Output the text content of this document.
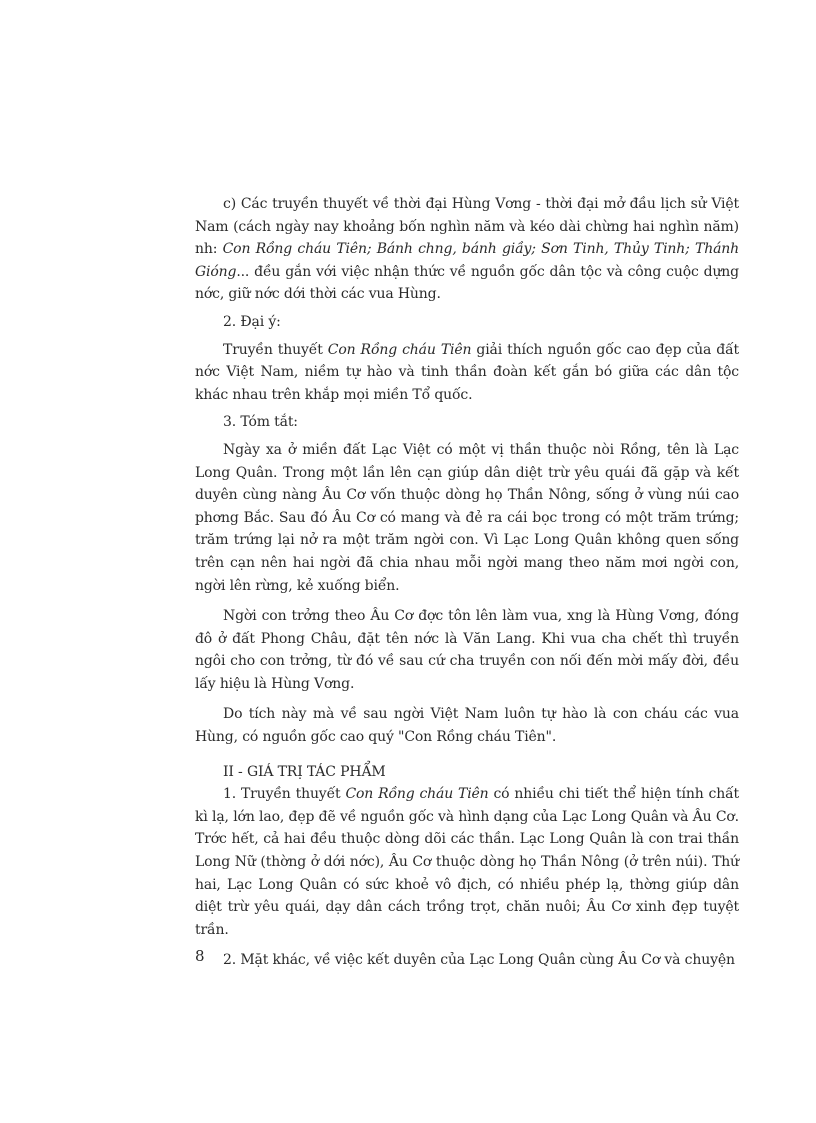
c) Các truyền thuyết về thời đại Hùng Vơng - thời đại mở đầu lịch sử Việt Nam (cách ngày nay khoảng bốn nghìn năm và kéo dài chừng hai nghìn năm) nh: Con Rồng cháu Tiên; Bánh chng, bánh giầy; Sơn Tinh, Thủy Tinh; Thánh Gióng... đều gắn với việc nhận thức về nguồn gốc dân tộc và công cuộc dựng nớc, giữ nớc dới thời các vua Hùng.

2. Đại ý:

Truyền thuyết Con Rồng cháu Tiên giải thích nguồn gốc cao đẹp của đất nớc Việt Nam, niềm tự hào và tinh thần đoàn kết gắn bó giữa các dân tộc khác nhau trên khắp mọi miền Tổ quốc.

3. Tóm tắt:

Ngày xa ở miền đất Lạc Việt có một vị thần thuộc nòi Rồng, tên là Lạc Long Quân. Trong một lần lên cạn giúp dân diệt trừ yêu quái đã gặp và kết duyên cùng nàng Âu Cơ vốn thuộc dòng họ Thần Nông, sống ở vùng núi cao phơng Bắc. Sau đó Âu Cơ có mang và đẻ ra cái bọc trong có một trăm trứng; trăm trứng lại nở ra một trăm ngời con. Vì Lạc Long Quân không quen sống trên cạn nên hai ngời đã chia nhau mỗi ngời mang theo năm mơi ngời con, ngời lên rừng, kẻ xuống biển.

Ngời con trởng theo Âu Cơ đợc tôn lên làm vua, xng là Hùng Vơng, đóng đô ở đất Phong Châu, đặt tên nớc là Văn Lang. Khi vua cha chết thì truyền ngôi cho con trởng, từ đó về sau cứ cha truyền con nối đến mời mấy đời, đều lấy hiệu là Hùng Vơng.

Do tích này mà về sau ngời Việt Nam luôn tự hào là con cháu các vua Hùng, có nguồn gốc cao quý "Con Rồng cháu Tiên".

II - GIÁ TRỊ TÁC PHẨM

1. Truyền thuyết Con Rồng cháu Tiên có nhiều chi tiết thể hiện tính chất kì lạ, lớn lao, đẹp đẽ về nguồn gốc và hình dạng của Lạc Long Quân và Âu Cơ. Trớc hết, cả hai đều thuộc dòng dõi các thần. Lạc Long Quân là con trai thần Long Nữ (thờng ở dới nớc), Âu Cơ thuộc dòng họ Thần Nông (ở trên núi). Thứ hai, Lạc Long Quân có sức khoẻ vô địch, có nhiều phép lạ, thờng giúp dân diệt trừ yêu quái, dạy dân cách trồng trọt, chăn nuôi; Âu Cơ xinh đẹp tuyệt trần.

2. Mặt khác, về việc kết duyên của Lạc Long Quân cùng Âu Cơ và chuyện

8
